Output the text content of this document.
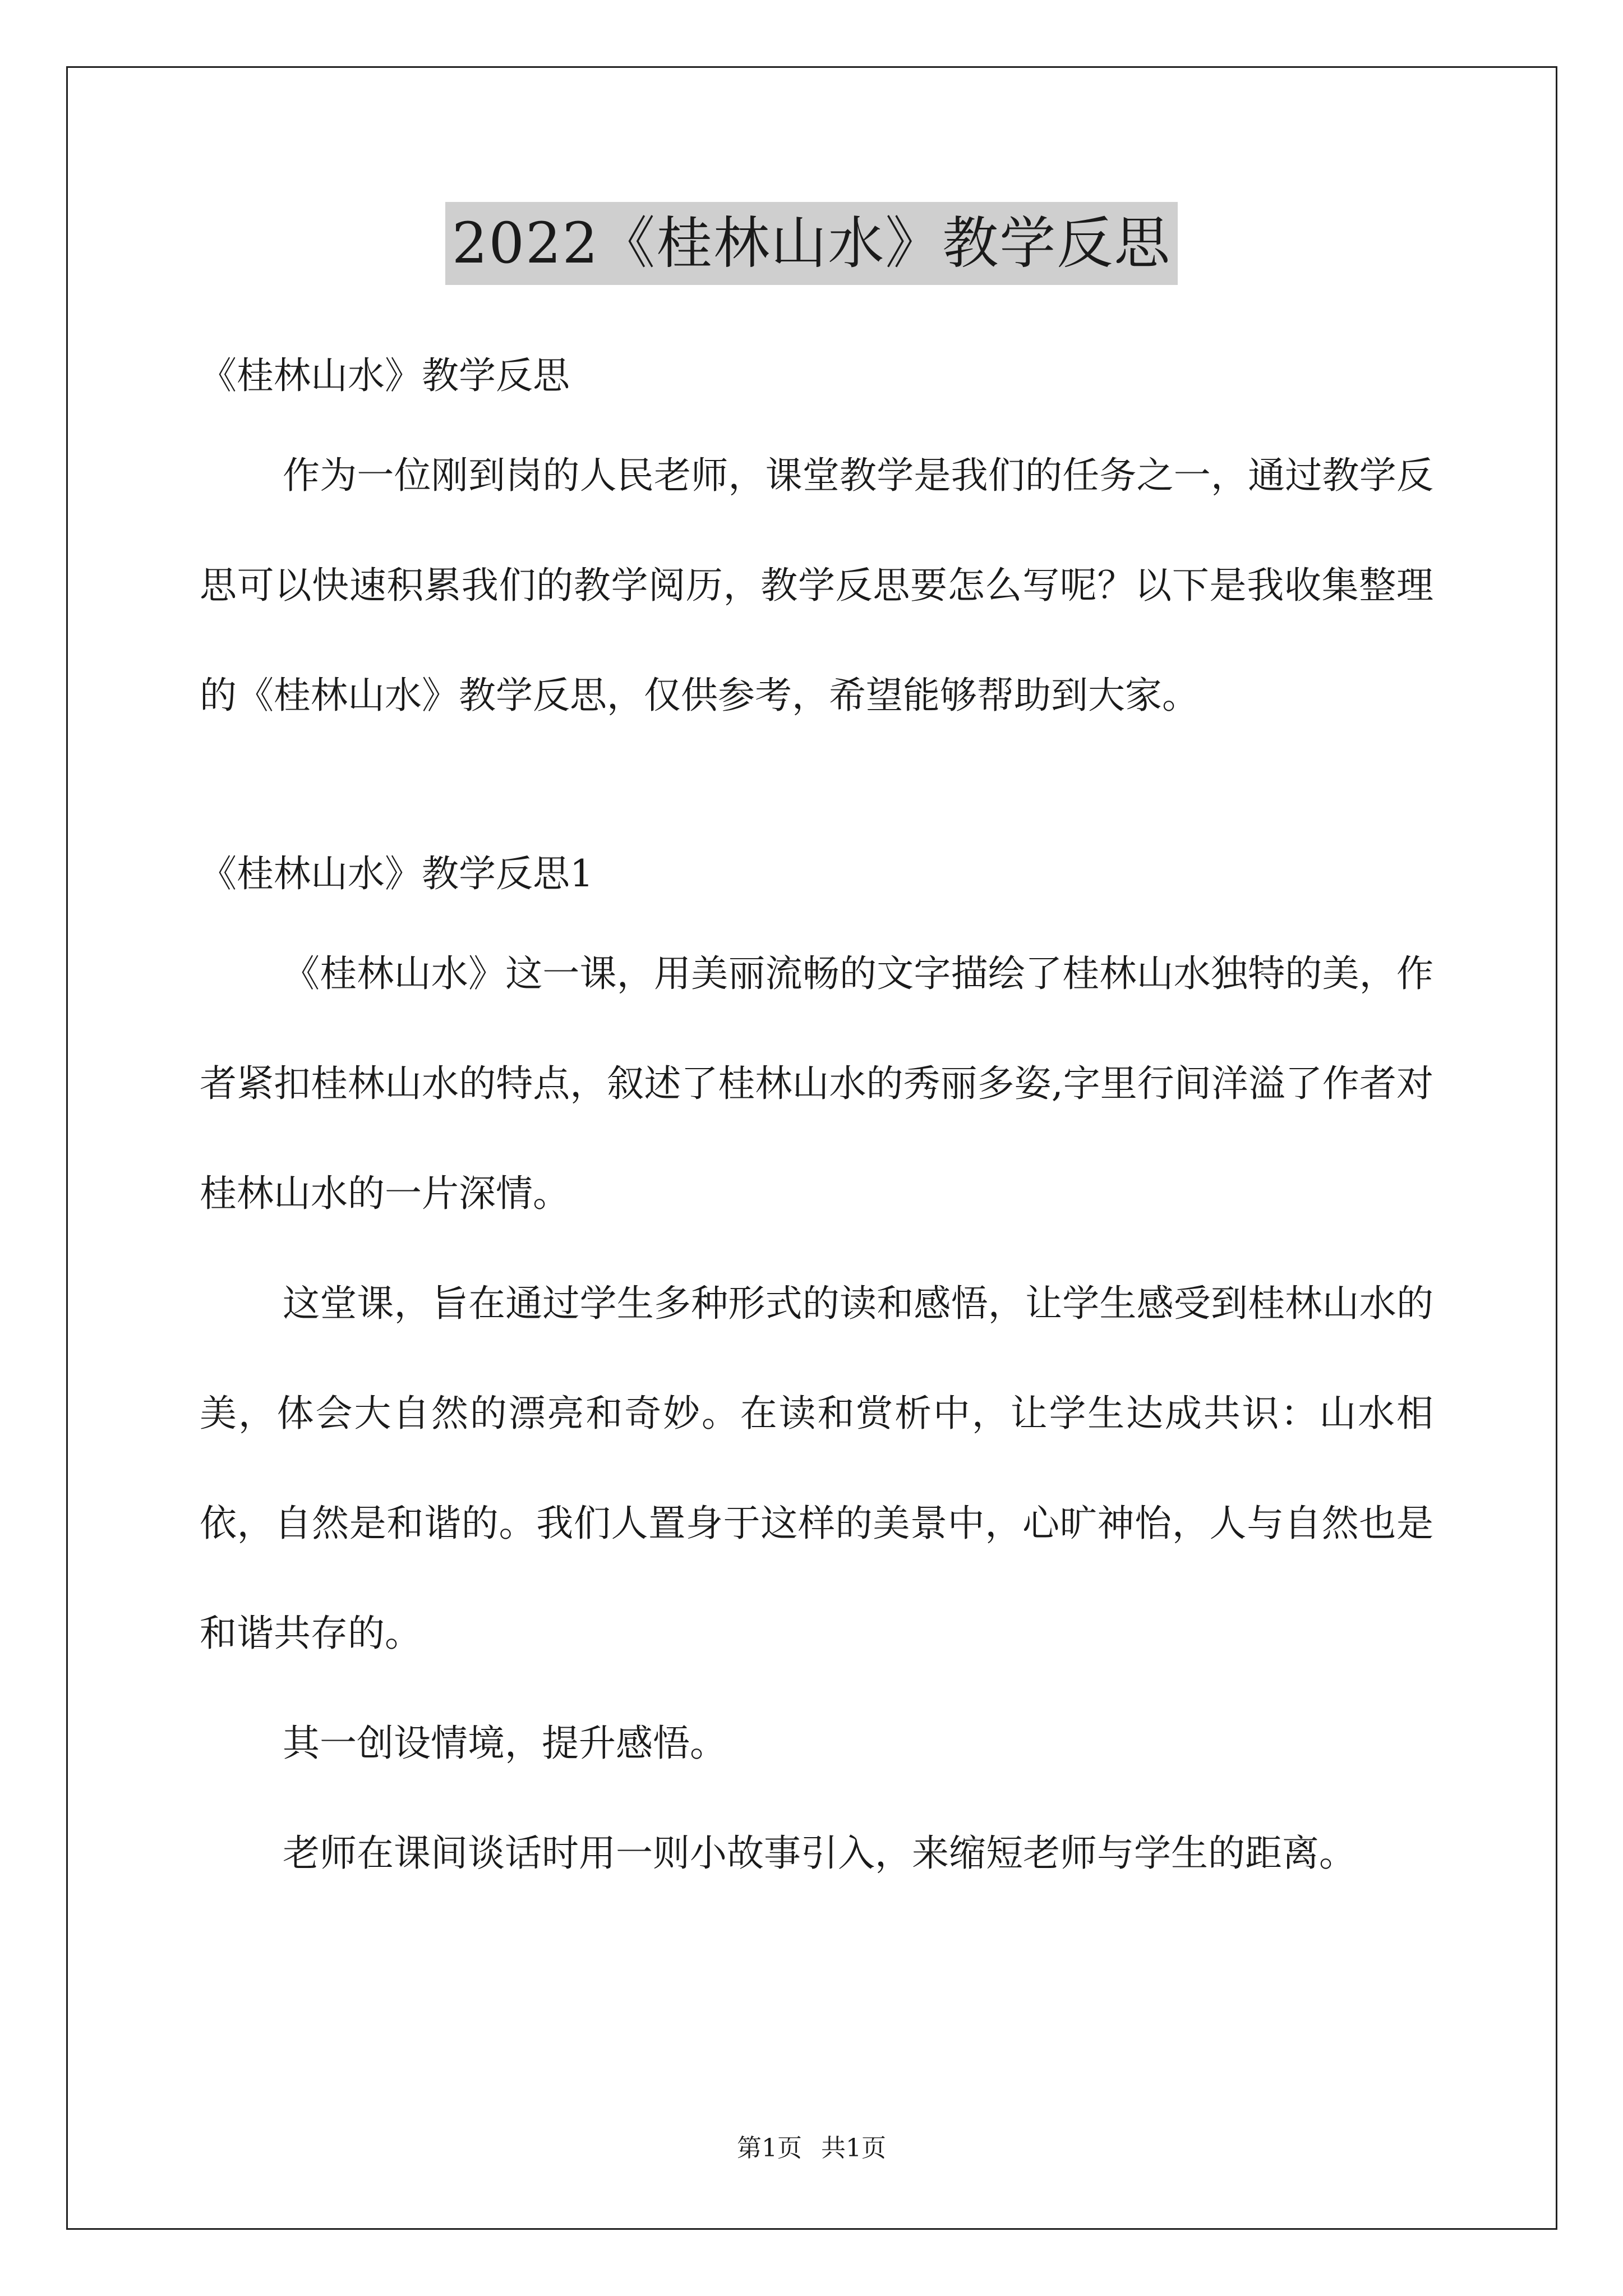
2022《桂林山水》教学反思

《桂林山水》教学反思

作为一位刚到岗的人民老师，课堂教学是我们的任务之一，通过教学反思可以快速积累我们的教学阅历，教学反思要怎么写呢？以下是我收集整理的《桂林山水》教学反思，仅供参考，希望能够帮助到大家。

《桂林山水》教学反思1

《桂林山水》这一课，用美丽流畅的文字描绘了桂林山水独特的美，作者紧扣桂林山水的特点，叙述了桂林山水的秀丽多姿,字里行间洋溢了作者对桂林山水的一片深情。

这堂课，旨在通过学生多种形式的读和感悟，让学生感受到桂林山水的美，体会大自然的漂亮和奇妙。在读和赏析中，让学生达成共识：山水相依，自然是和谐的。我们人置身于这样的美景中，心旷神怡，人与自然也是和谐共存的。

其一创设情境，提升感悟。

老师在课间谈话时用一则小故事引入，来缩短老师与学生的距离。

第1页 共1页
